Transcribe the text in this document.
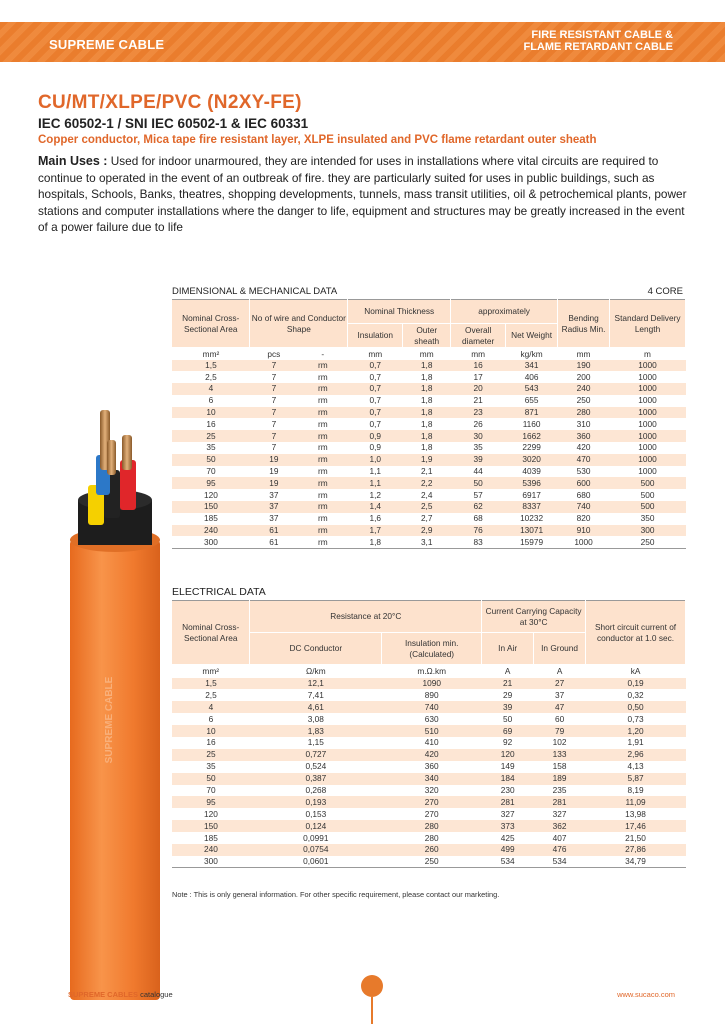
SUPREME CABLE
FIRE RESISTANT CABLE &
FLAME RETARDANT CABLE
CU/MT/XLPE/PVC (N2XY-FE)
IEC 60502-1 / SNI IEC 60502-1 & IEC 60331
Copper conductor, Mica tape fire resistant layer, XLPE insulated and PVC flame retardant outer sheath
Main Uses : Used for indoor unarmoured, they are intended for uses in installations where vital circuits are required to continue to operated in the event of an outbreak of fire. they are particularly suited for uses in public buildings, such as hospitals, Schools, Banks, theatres, shopping developments, tunnels, mass transit utilities, oil & petrochemical plants, power stations and computer installations where the danger to life, equipment and structures may be greatly increased in the event of a power failure due to life
SUPREME CABLE
DIMENSIONAL & MECHANICAL DATA	4 CORE
Nominal Cross-Sectional Area	No of wire and Conductor Shape		Nominal Thickness		approximately		Bending Radius Min.	Standard Delivery Length
			Insulation	Outer sheath	Overall diameter	Net Weight		
mm²	pcs	-	mm	mm	mm	kg/km	mm	m
1,5	7	rm	0,7	1,8	16	341	190	1000
2,5	7	rm	0,7	1,8	17	406	200	1000
4	7	rm	0,7	1,8	20	543	240	1000
6	7	rm	0,7	1,8	21	655	250	1000
10	7	rm	0,7	1,8	23	871	280	1000
16	7	rm	0,7	1,8	26	1160	310	1000
25	7	rm	0,9	1,8	30	1662	360	1000
35	7	rm	0,9	1,8	35	2299	420	1000
50	19	rm	1,0	1,9	39	3020	470	1000
70	19	rm	1,1	2,1	44	4039	530	1000
95	19	rm	1,1	2,2	50	5396	600	500
120	37	rm	1,2	2,4	57	6917	680	500
150	37	rm	1,4	2,5	62	8337	740	500
185	37	rm	1,6	2,7	68	10232	820	350
240	61	rm	1,7	2,9	76	13071	910	300
300	61	rm	1,8	3,1	83	15979	1000	250
ELECTRICAL DATA
Nominal Cross-Sectional Area	Resistance at 20°C		Current Carrying Capacity at 30°C		Short circuit current of conductor at 1.0 sec.
	DC Conductor	Insulation min. (Calculated)	In Air	In Ground	
mm²	Ω/km	m.Ω.km	A	A	kA
1,5	12,1	1090	21	27	0,19
2,5	7,41	890	29	37	0,32
4	4,61	740	39	47	0,50
6	3,08	630	50	60	0,73
10	1,83	510	69	79	1,20
16	1,15	410	92	102	1,91
25	0,727	420	120	133	2,96
35	0,524	360	149	158	4,13
50	0,387	340	184	189	5,87
70	0,268	320	230	235	8,19
95	0,193	270	281	281	11,09
120	0,153	270	327	327	13,98
150	0,124	280	373	362	17,46
185	0,0991	280	425	407	21,50
240	0,0754	260	499	476	27,86
300	0,0601	250	534	534	34,79
Note : This is only general information. For other specific requirement, please contact our marketing.
SUPREME CABLES catalogue	www.sucaco.com
